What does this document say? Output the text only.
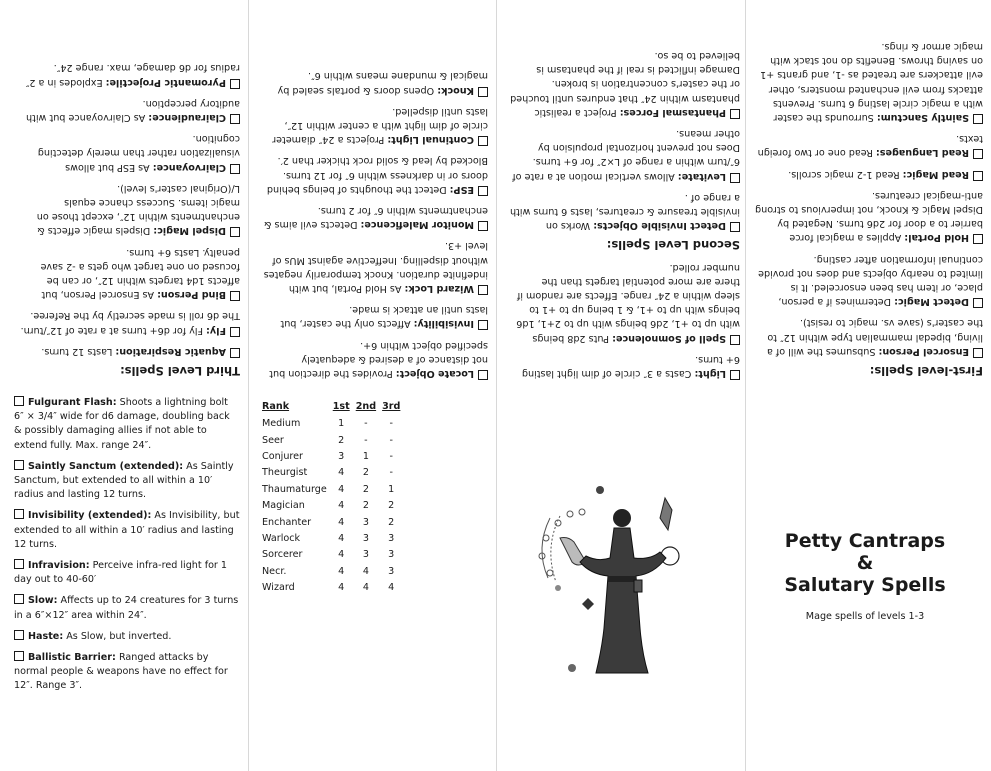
First-level Spells:
Ensorcel Person : Subsumes the will of a living, bipedal mammalian type within 12″ to the caster's (save vs. magic to resist).
Detect Magic : Determines if a person, place, or item has been ensorceled. It is limited to nearby objects and does not provide continual information after casting.
Hold Portal : Applies a magical force barrier to a door for 2d6 turns. Negated by Dispel Magic & Knock, not impervious to strong anti-magical creatures.
Read Magic : Read 1-2 magic scrolls.
Read Languages : Read one or two foreign texts.
Saintly Sanctum : Surrounds the caster with a magic circle lasting 6 turns. Prevents attacks from evil enchanted monsters, other evil attackers are treated as -1, and grants +1 on saving throws. Benefits do not stack with magic armor & rings.
Light : Casts a 3″ circle of dim light lasting 6+ turns.
Spell of Somnolence : Puts 2d8 beings with up to +1, 2d6 beings with up to 2+1, 1d6 beings with up to +1, & 1 being up to +1 to sleep within a 24″ range. Effects are random if there are more potential targets than the number rolled.
Second Level Spells:
Detect Invisible Objects : Works on invisible treasure & creatures, lasts 6 turns with a range of .
Levitate : Allows vertical motion at a rate of 6″/turn within a range of L×2″ for 6+ turns. Does not prevent horizontal propulsion by other means.
Phantasmal Forces : Project a realistic phantasm within 24″ that endures until touched or the caster's concentration is broken. Damage inflicted is real if the phantasm is believed to be so.
Locate Object : Provides the direction but not distance of a desired & adequately specified object within 6+.
Invisibility : Affects only the caster, but lasts until an attack is made.
Wizard Lock : As Hold Portal, but with indefinite duration. Knock temporarily negates without dispelling. Ineffective against MUs of level +3.
Monitor Maleficence : Detects evil aims & enchantments within 6″ for 2 turns.
ESP : Detect the thoughts of beings behind doors or in darkness within 6″ for 12 turns. Blocked by lead & solid rock thicker than 2′.
Continual Light : Projects a 24″ diameter circle of dim light with a center within 12″, lasts until dispelled.
Knock : Opens doors & portals sealed by magical & mundane means within 6″.
Third Level Spells:
Aquatic Respiration : Lasts 12 turns.
Fly : Fly for d6+ turns at a rate of 12″/turn. The d6 roll is made secretly by the Referee.
Bind Person : As Ensorcel Person, but affects 1d4 targets within 12″, or can be focused on one target who gets a -2 save penalty. Lasts 6+ turns.
Dispel Magic : Dispels magic effects & enchantments within 12″, except those on magic items. Success chance equals L/(Original caster's level).
Clairvoyance : As ESP but allows visualization rather than merely detecting cognition.
Clairaudience : As Clairvoyance but with auditory perception.
Pyromantic Projectile : Explodes in a 2″ radius for d6 damage, max. range 24″.
Fulgurant Flash : Shoots a lightning bolt 6″ × 3/4″ wide for d6 damage, doubling back & possibly damaging allies if not able to extend fully. Max. range 24″.
Saintly Sanctum (extended) : As Saintly Sanctum, but extended to all within a 10′ radius and lasting 12 turns.
Invisibility (extended) : As Invisibility, but extended to all within a 10′ radius and lasting 12 turns.
Infravision : Perceive infra-red light for 1 day out to 40-60′
Slow : Affects up to 24 creatures for 3 turns in a 6″×12″ area within 24″.
Haste : As Slow, but inverted.
Ballistic Barrier : Ranged attacks by normal people & weapons have no effect for 12″. Range 3″.
Rank	1st	2nd	3rd
Medium	1	-	-
Seer	2	-	-
Conjurer	3	1	-
Theurgist	4	2	-
Thaumaturge	4	2	1
Magician	4	2	2
Enchanter	4	3	2
Warlock	4	3	3
Sorcerer	4	3	3
Necr.	4	4	3
Wizard	4	4	4
Petty Cantraps
&
Salutary Spells
Mage spells of levels 1-3
